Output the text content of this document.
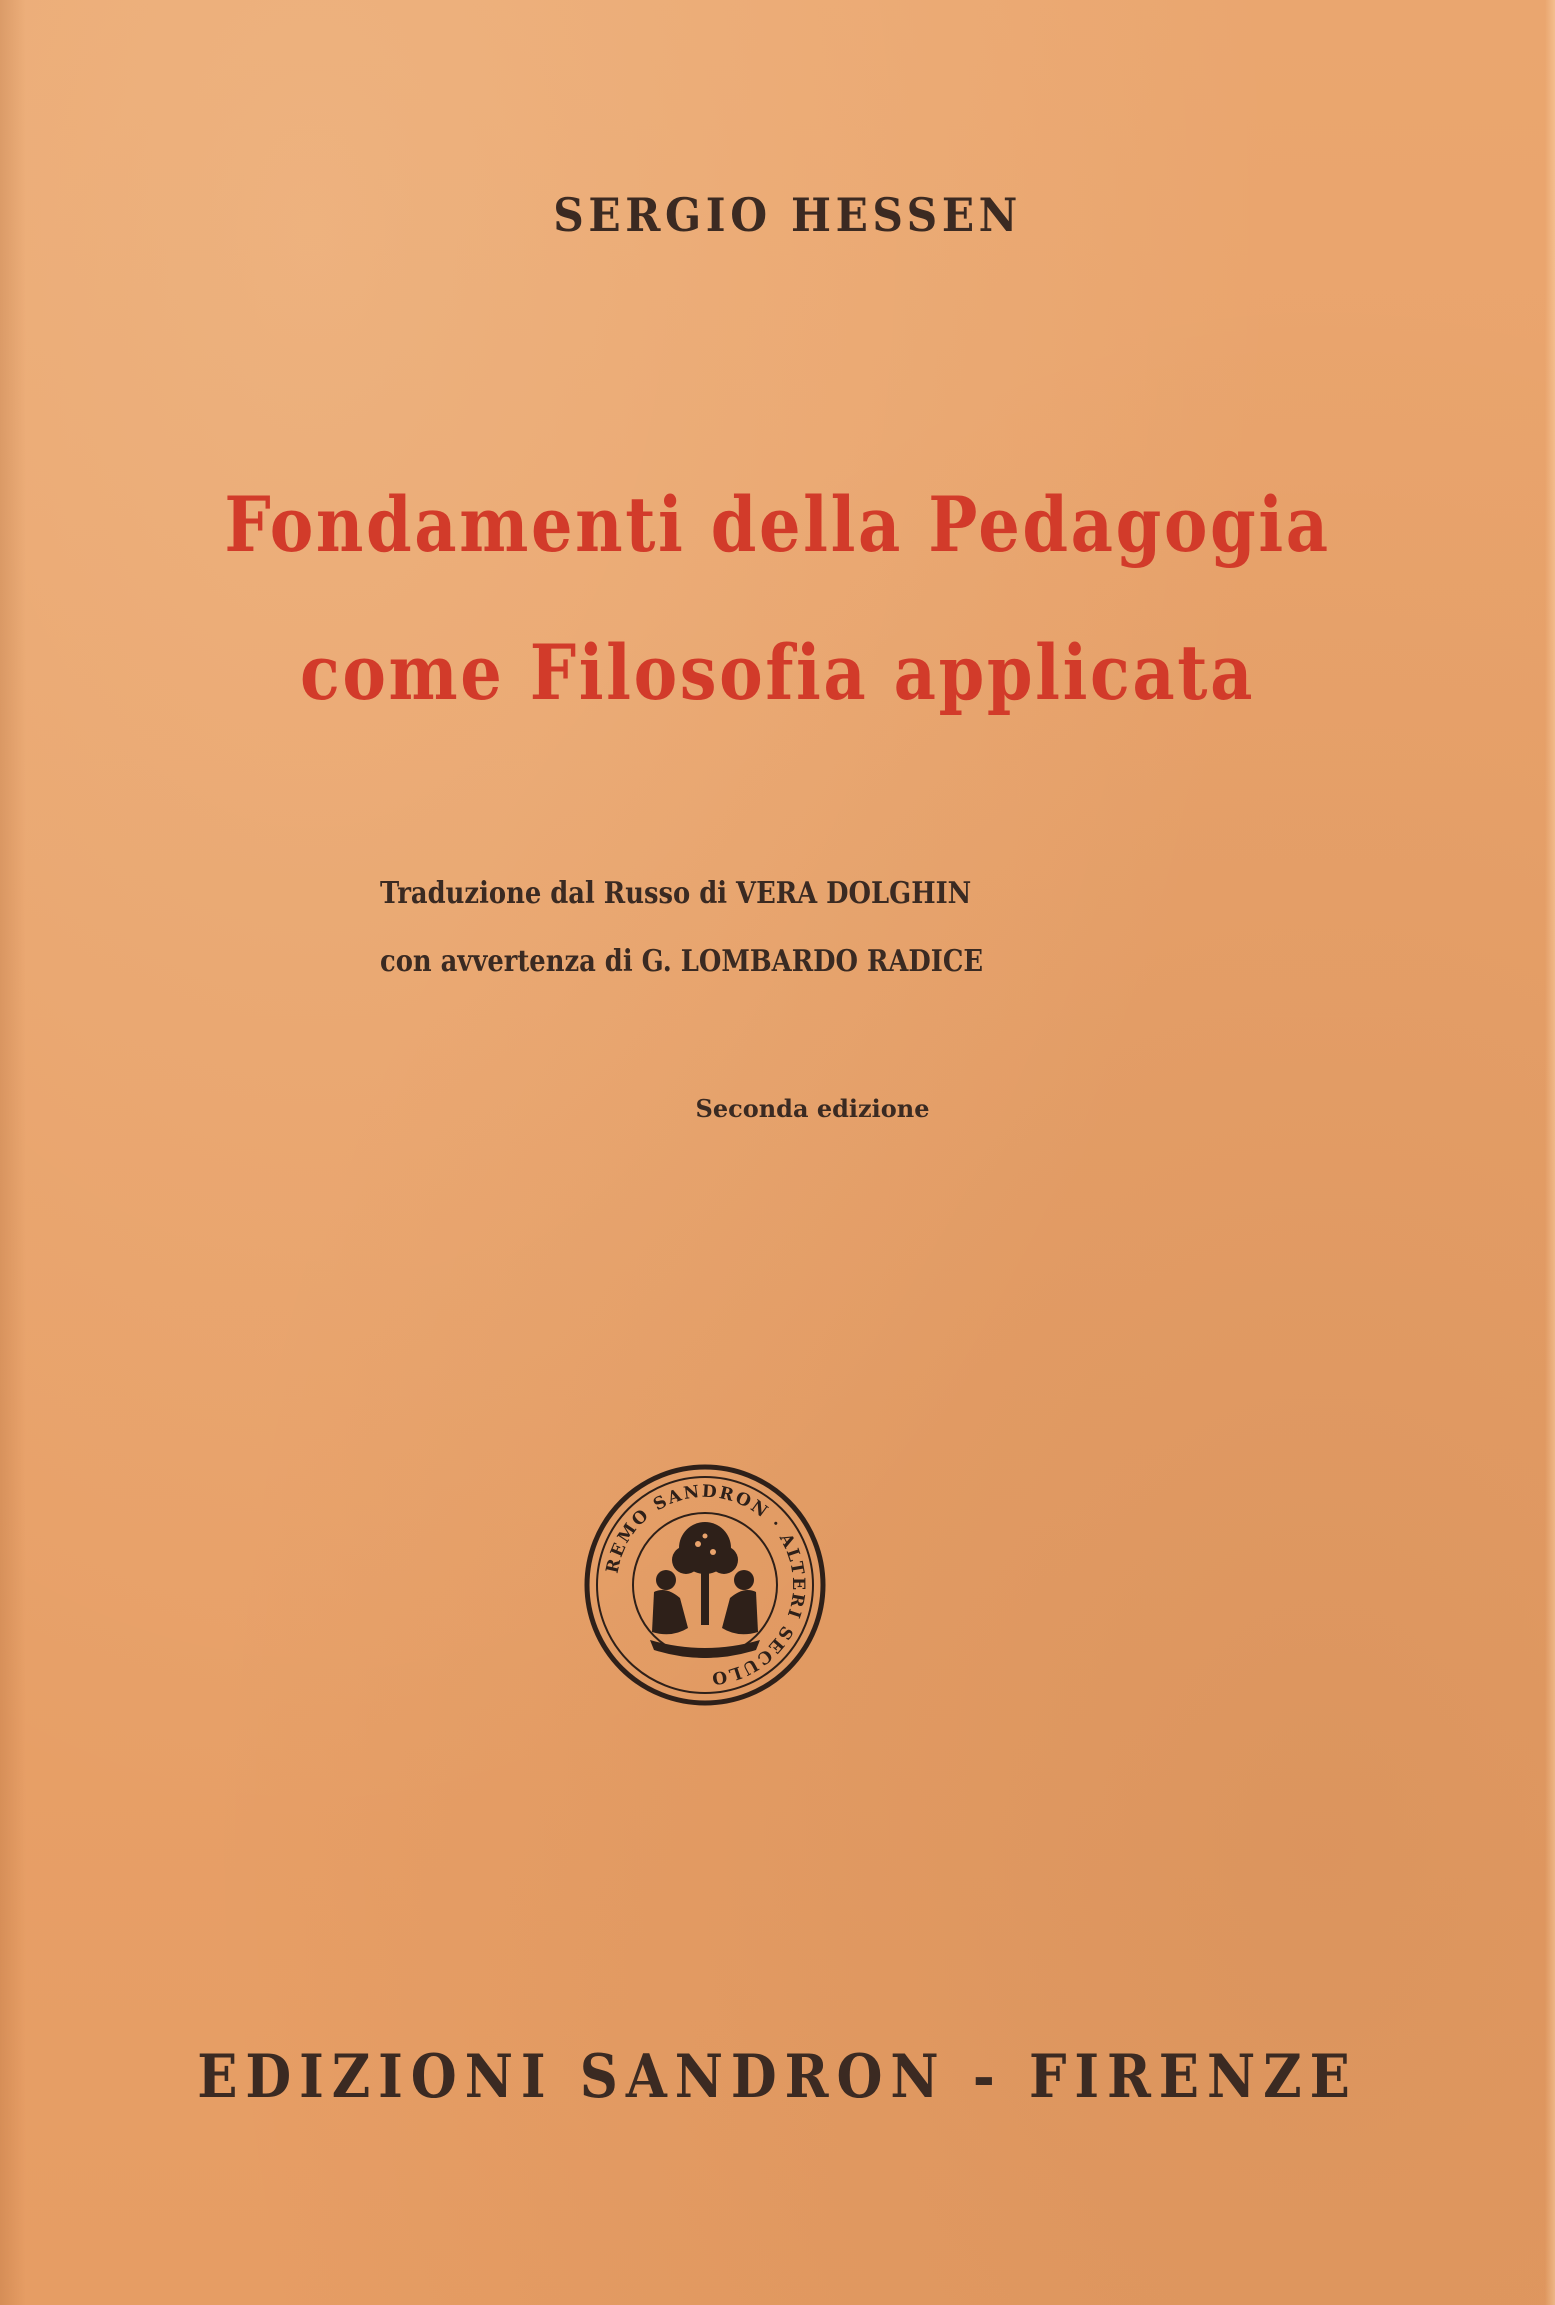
SERGIO HESSEN
Fondamenti della Pedagogia
come Filosofia applicata
Traduzione dal Russo di VERA DOLGHIN
con avvertenza di G. LOMBARDO RADICE
Seconda edizione
REMO SANDRON · ALTERI SECULO
EDIZIONI SANDRON - FIRENZE
